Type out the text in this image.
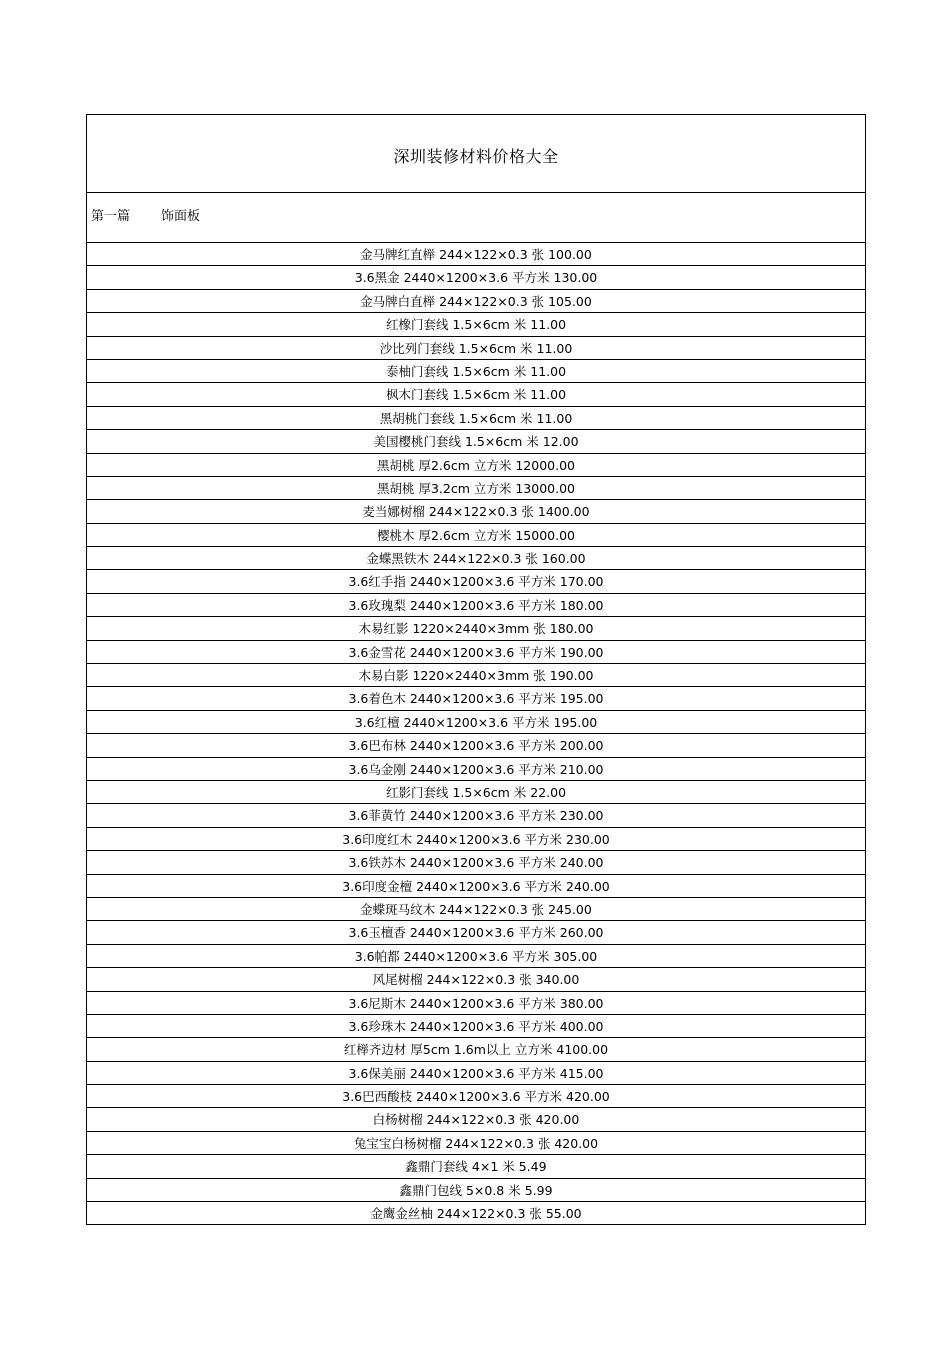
深圳装修材料价格大全
第一篇	饰面板
金马牌红直榉 244×122×0.3 张 100.00
3.6黑金 2440×1200×3.6 平方米 130.00
金马牌白直榉 244×122×0.3 张 105.00
红橡门套线 1.5×6cm 米 11.00
沙比列门套线 1.5×6cm 米 11.00
泰柚门套线 1.5×6cm 米 11.00
枫木门套线 1.5×6cm 米 11.00
黑胡桃门套线 1.5×6cm 米 11.00
美国樱桃门套线 1.5×6cm 米 12.00
黑胡桃 厚2.6cm 立方米 12000.00
黑胡桃 厚3.2cm 立方米 13000.00
麦当娜树榴 244×122×0.3 张 1400.00
樱桃木 厚2.6cm 立方米 15000.00
金蝶黑铁木 244×122×0.3 张 160.00
3.6红手指 2440×1200×3.6 平方米 170.00
3.6玫瑰梨 2440×1200×3.6 平方米 180.00
木易红影 1220×2440×3mm 张 180.00
3.6金雪花 2440×1200×3.6 平方米 190.00
木易白影 1220×2440×3mm 张 190.00
3.6着色木 2440×1200×3.6 平方米 195.00
3.6红檀 2440×1200×3.6 平方米 195.00
3.6巴布林 2440×1200×3.6 平方米 200.00
3.6乌金刚 2440×1200×3.6 平方米 210.00
红影门套线 1.5×6cm 米 22.00
3.6菲黄竹 2440×1200×3.6 平方米 230.00
3.6印度红木 2440×1200×3.6 平方米 230.00
3.6铁苏木 2440×1200×3.6 平方米 240.00
3.6印度金檀 2440×1200×3.6 平方米 240.00
金蝶斑马纹木 244×122×0.3 张 245.00
3.6玉檀香 2440×1200×3.6 平方米 260.00
3.6帕都 2440×1200×3.6 平方米 305.00
风尾树榴 244×122×0.3 张 340.00
3.6尼斯木 2440×1200×3.6 平方米 380.00
3.6珍珠木 2440×1200×3.6 平方米 400.00
红榉齐边材 厚5cm 1.6m以上 立方米 4100.00
3.6保美丽 2440×1200×3.6 平方米 415.00
3.6巴西酸枝 2440×1200×3.6 平方米 420.00
白杨树榴 244×122×0.3 张 420.00
兔宝宝白杨树榴 244×122×0.3 张 420.00
鑫鼎门套线 4×1 米 5.49
鑫鼎门包线 5×0.8 米 5.99
金鹰金丝柚 244×122×0.3 张 55.00
